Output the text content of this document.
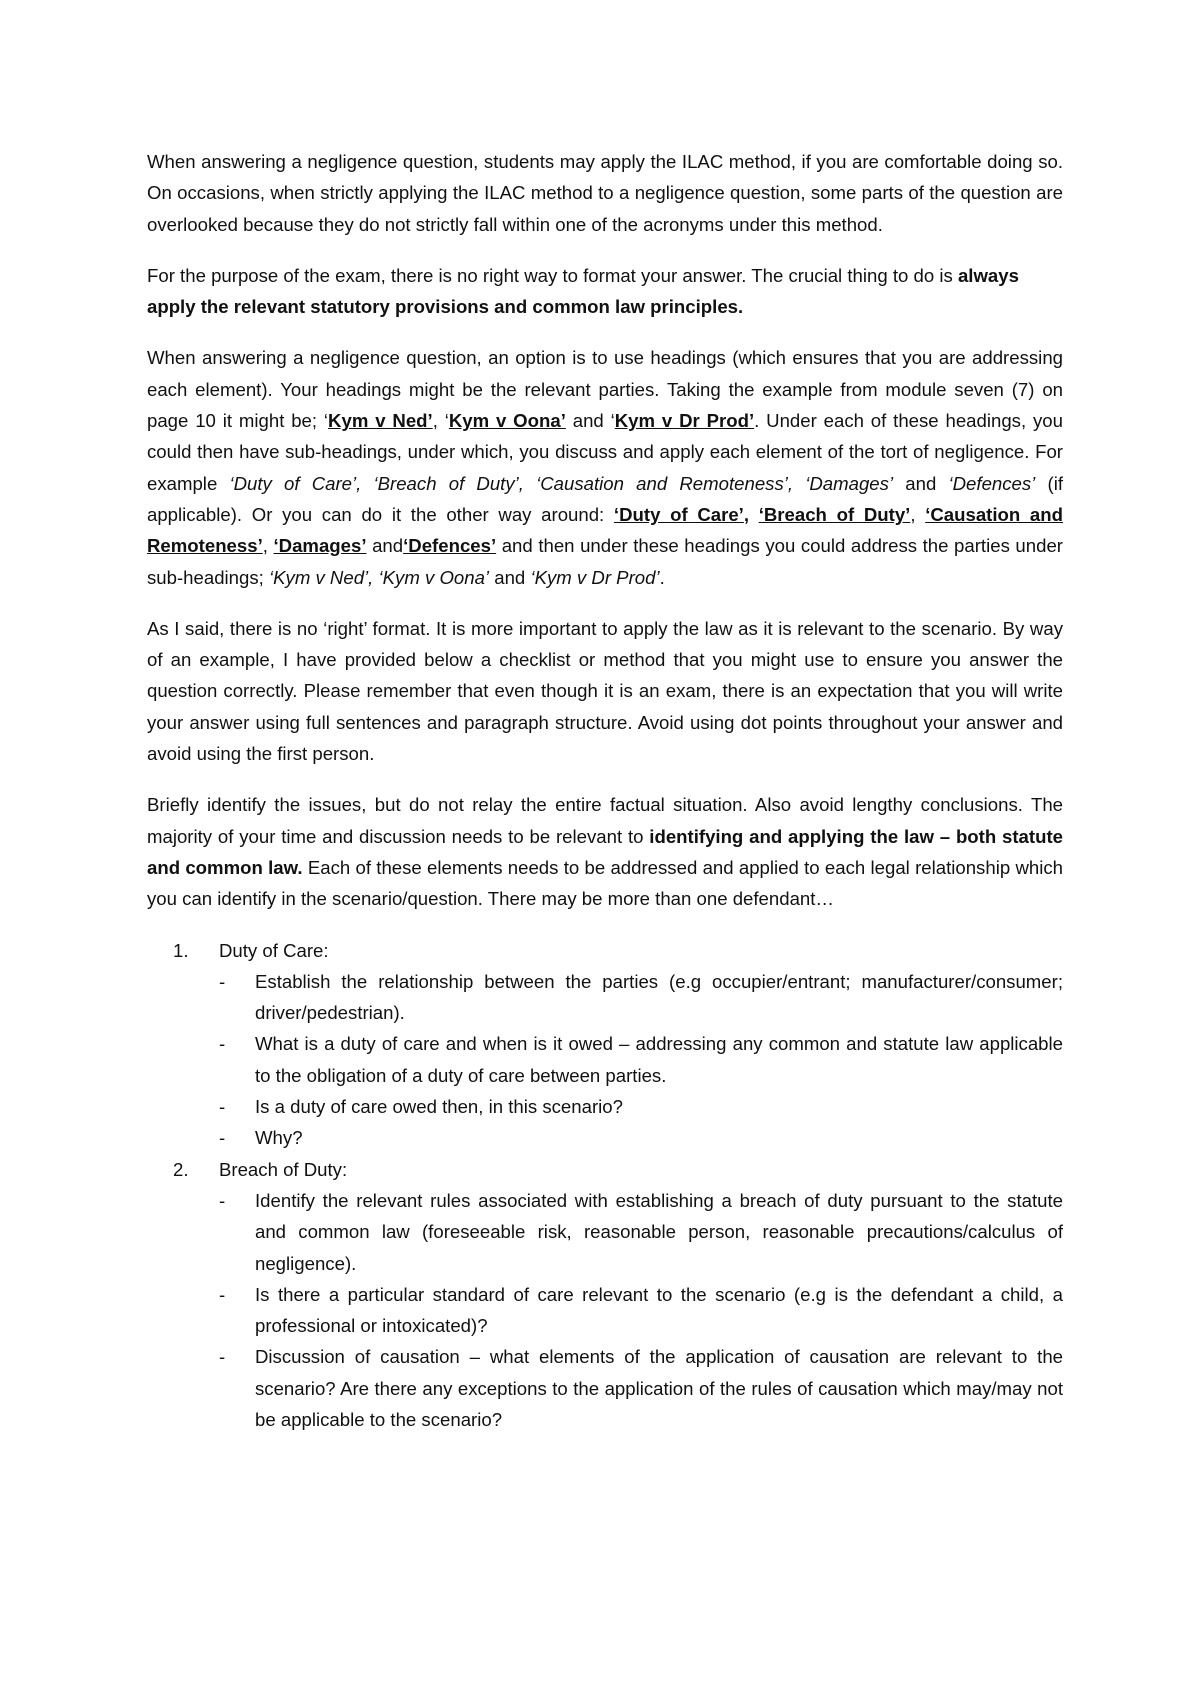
When answering a negligence question, students may apply the ILAC method, if you are comfortable doing so. On occasions, when strictly applying the ILAC method to a negligence question, some parts of the question are overlooked because they do not strictly fall within one of the acronyms under this method.

For the purpose of the exam, there is no right way to format your answer. The crucial thing to do is always apply the relevant statutory provisions and common law principles.

When answering a negligence question, an option is to use headings (which ensures that you are addressing each element). Your headings might be the relevant parties. Taking the example from module seven (7) on page 10 it might be; ‘Kym v Ned’, ‘Kym v Oona’ and ‘Kym v Dr Prod’. Under each of these headings, you could then have sub-headings, under which, you discuss and apply each element of the tort of negligence. For example ‘Duty of Care’, ‘Breach of Duty’, ‘Causation and Remoteness’, ‘Damages’ and ‘Defences’ (if applicable). Or you can do it the other way around: ‘Duty of Care’, ‘Breach of Duty’, ‘Causation and Remoteness’, ‘Damages’ and‘Defences’ and then under these headings you could address the parties under sub-headings; ‘Kym v Ned’, ‘Kym v Oona’ and ‘Kym v Dr Prod’.

As I said, there is no ‘right’ format. It is more important to apply the law as it is relevant to the scenario. By way of an example, I have provided below a checklist or method that you might use to ensure you answer the question correctly. Please remember that even though it is an exam, there is an expectation that you will write your answer using full sentences and paragraph structure. Avoid using dot points throughout your answer and avoid using the first person.

Briefly identify the issues, but do not relay the entire factual situation. Also avoid lengthy conclusions. The majority of your time and discussion needs to be relevant to identifying and applying the law – both statute and common law. Each of these elements needs to be addressed and applied to each legal relationship which you can identify in the scenario/question. There may be more than one defendant…

1. Duty of Care:
- Establish the relationship between the parties (e.g occupier/entrant; manufacturer/consumer; driver/pedestrian).
- What is a duty of care and when is it owed – addressing any common and statute law applicable to the obligation of a duty of care between parties.
- Is a duty of care owed then, in this scenario?
- Why?
2. Breach of Duty:
- Identify the relevant rules associated with establishing a breach of duty pursuant to the statute and common law (foreseeable risk, reasonable person, reasonable precautions/calculus of negligence).
- Is there a particular standard of care relevant to the scenario (e.g is the defendant a child, a professional or intoxicated)?
- Discussion of causation – what elements of the application of causation are relevant to the scenario? Are there any exceptions to the application of the rules of causation which may/may not be applicable to the scenario?
